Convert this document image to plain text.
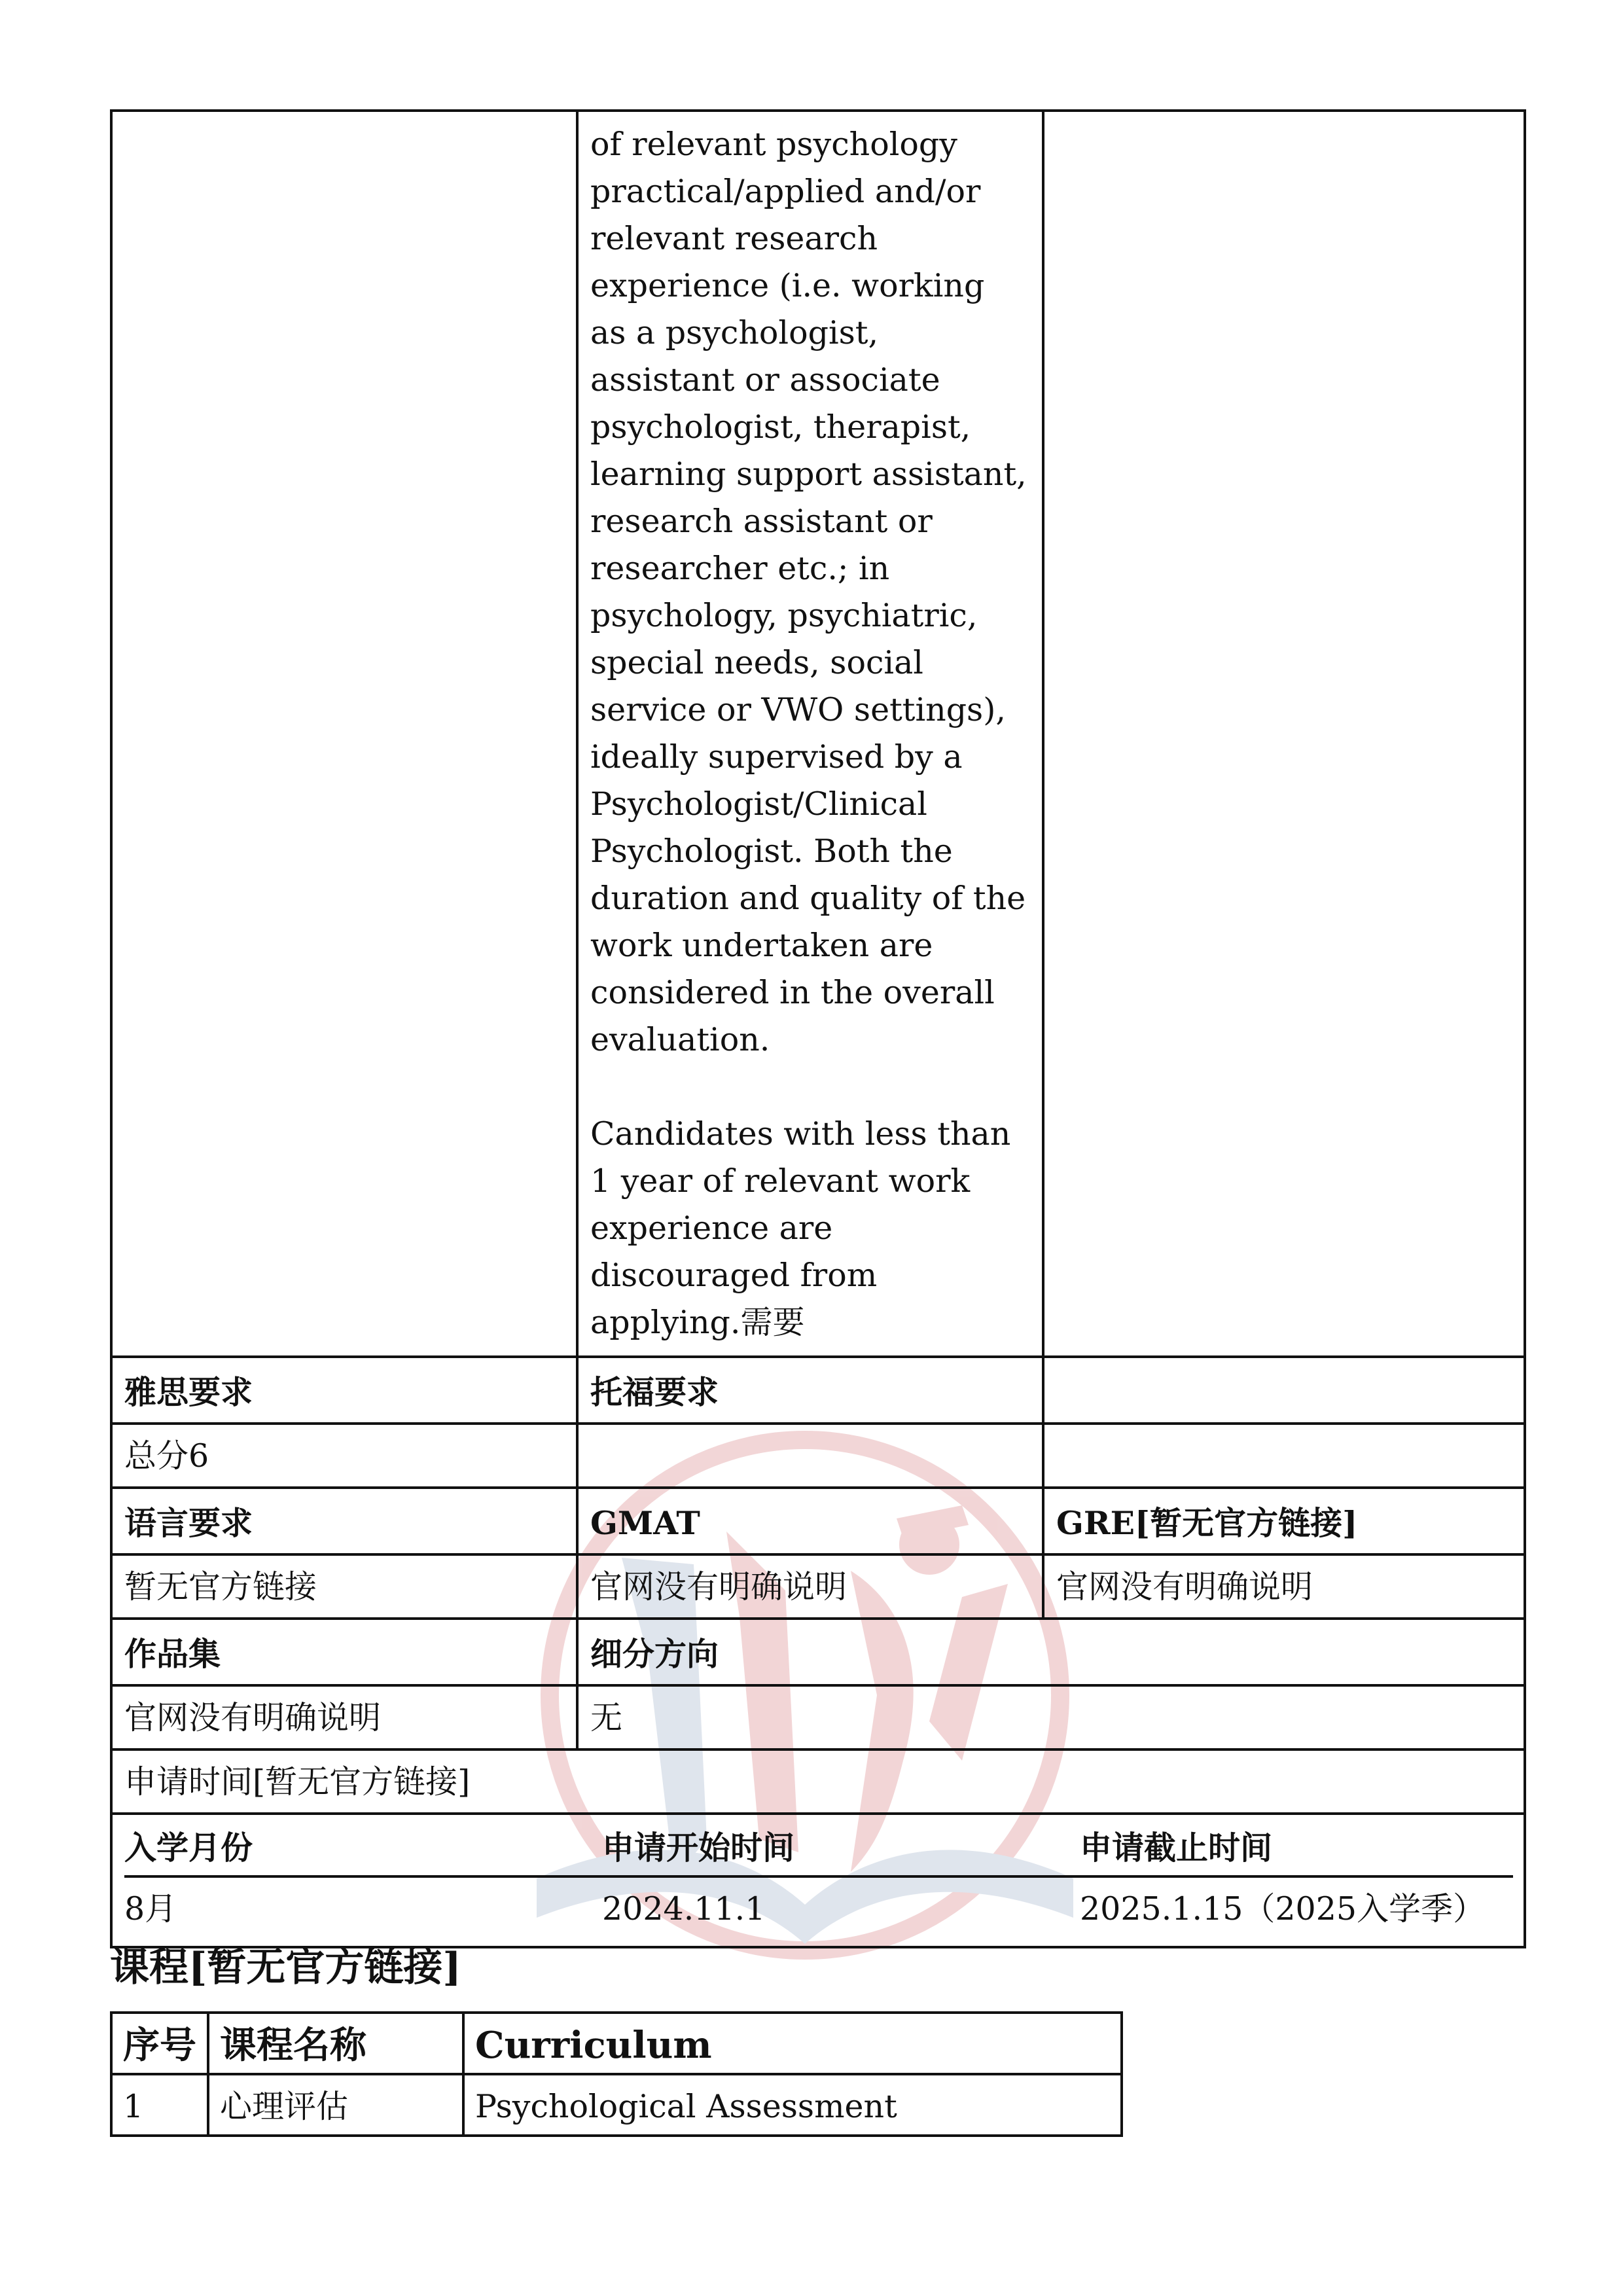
of relevant psychology practical/applied and/or relevant research experience (i.e. working as a psychologist, assistant or associate psychologist, therapist, learning support assistant, research assistant or researcher etc.; in psychology, psychiatric, special needs, social service or VWO settings), ideally supervised by a Psychologist/Clinical Psychologist. Both the duration and quality of the work undertaken are considered in the overall evaluation.

Candidates with less than 1 year of relevant work experience are discouraged from applying.需要

雅思要求	托福要求	
总分6		
语言要求	GMAT	GRE[暂无官方链接]
暂无官方链接	官网没有明确说明	官网没有明确说明
作品集	细分方向
官网没有明确说明	无
申请时间[暂无官方链接]

入学月份	申请开始时间	申请截止时间
8月	2024.11.1	2025.1.15（2025入学季）
课程[暂无官方链接]
序号	课程名称	Curriculum
1	心理评估	Psychological Assessment
